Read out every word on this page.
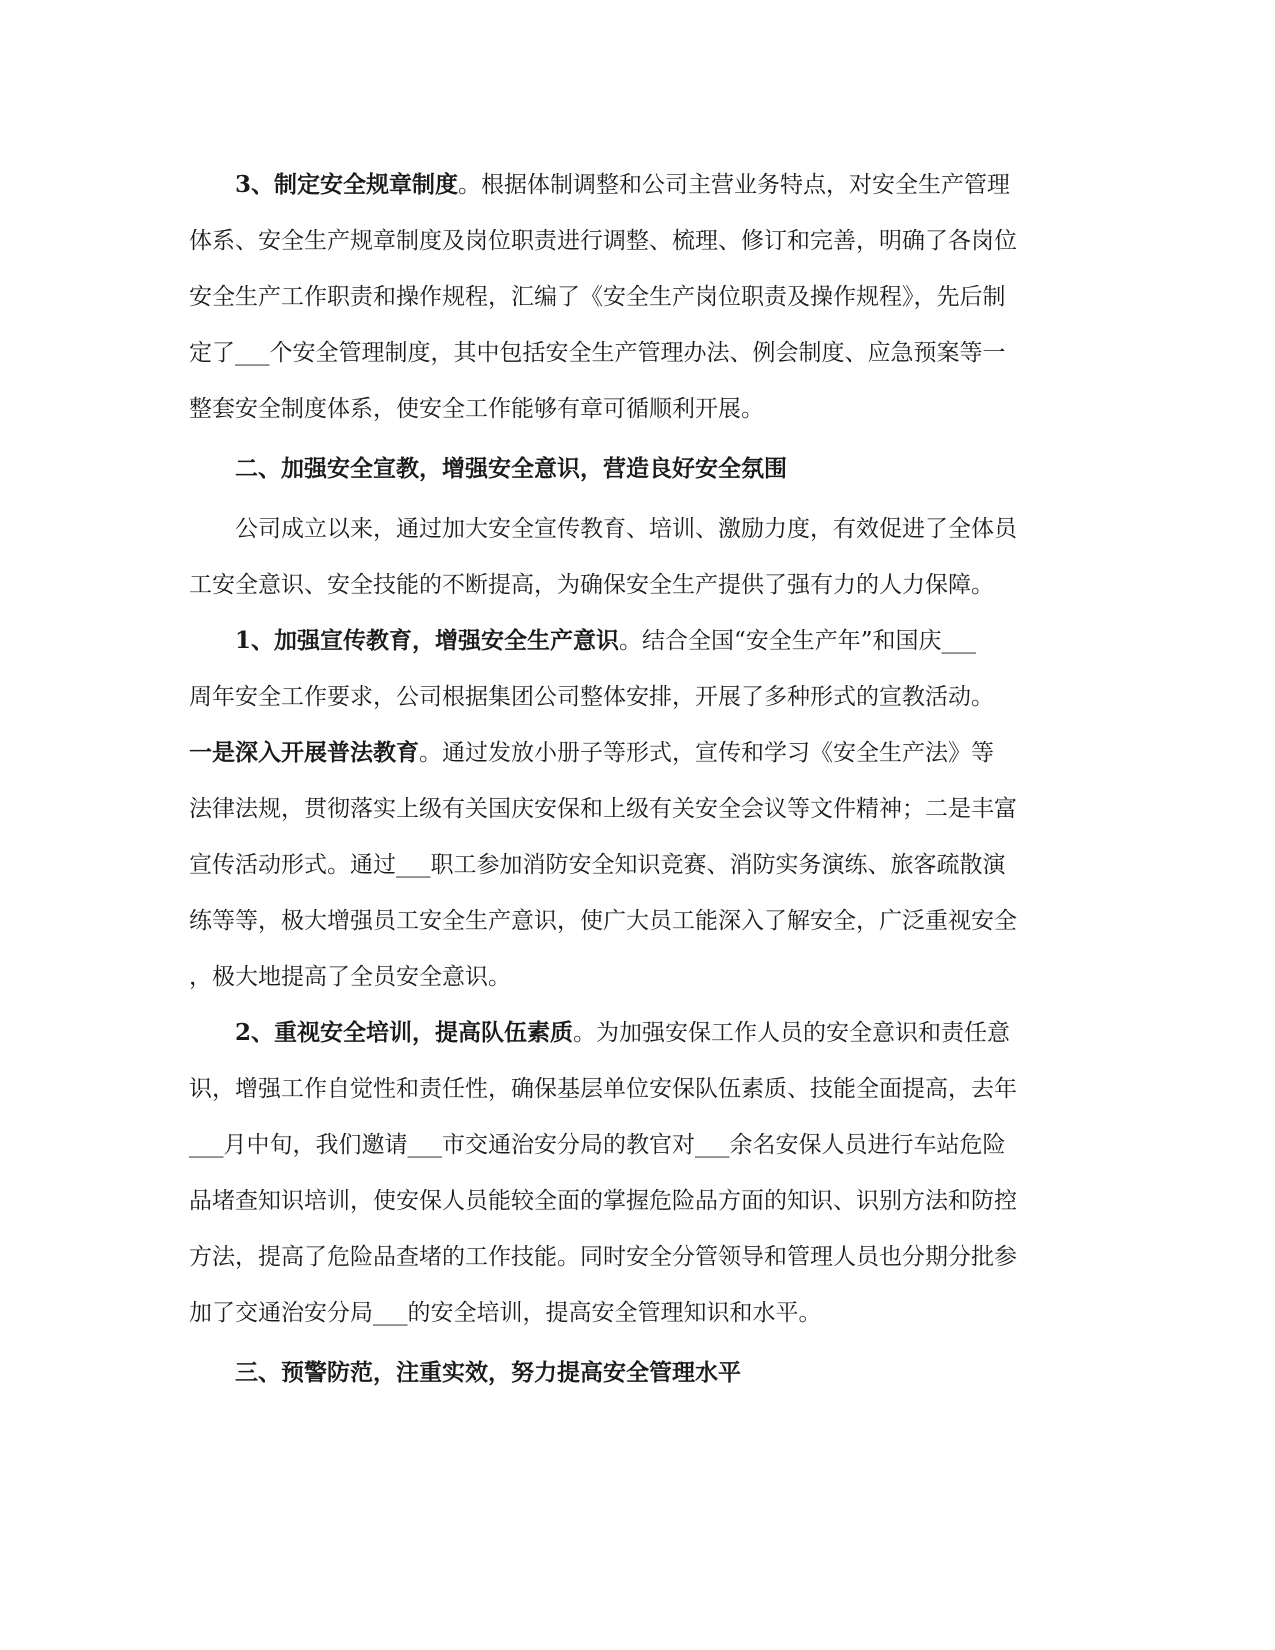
3、制定安全规章制度。根据体制调整和公司主营业务特点，对安全生产管理
体系、安全生产规章制度及岗位职责进行调整、梳理、修订和完善，明确了各岗位
安全生产工作职责和操作规程，汇编了《安全生产岗位职责及操作规程》，先后制
定了___个安全管理制度，其中包括安全生产管理办法、例会制度、应急预案等一
整套安全制度体系，使安全工作能够有章可循顺利开展。
二、加强安全宣教，增强安全意识，营造良好安全氛围
公司成立以来，通过加大安全宣传教育、培训、激励力度，有效促进了全体员
工安全意识、安全技能的不断提高，为确保安全生产提供了强有力的人力保障。
1、加强宣传教育，增强安全生产意识。结合全国“安全生产年”和国庆___
周年安全工作要求，公司根据集团公司整体安排，开展了多种形式的宣教活动。
一是深入开展普法教育。通过发放小册子等形式，宣传和学习《安全生产法》等
法律法规，贯彻落实上级有关国庆安保和上级有关安全会议等文件精神；二是丰富
宣传活动形式。通过___职工参加消防安全知识竞赛、消防实务演练、旅客疏散演
练等等，极大增强员工安全生产意识，使广大员工能深入了解安全，广泛重视安全
，极大地提高了全员安全意识。
2、重视安全培训，提高队伍素质。为加强安保工作人员的安全意识和责任意
识，增强工作自觉性和责任性，确保基层单位安保队伍素质、技能全面提高，去年
___月中旬，我们邀请___市交通治安分局的教官对___余名安保人员进行车站危险
品堵查知识培训，使安保人员能较全面的掌握危险品方面的知识、识别方法和防控
方法，提高了危险品查堵的工作技能。同时安全分管领导和管理人员也分期分批参
加了交通治安分局___的安全培训，提高安全管理知识和水平。
三、预警防范，注重实效，努力提高安全管理水平
